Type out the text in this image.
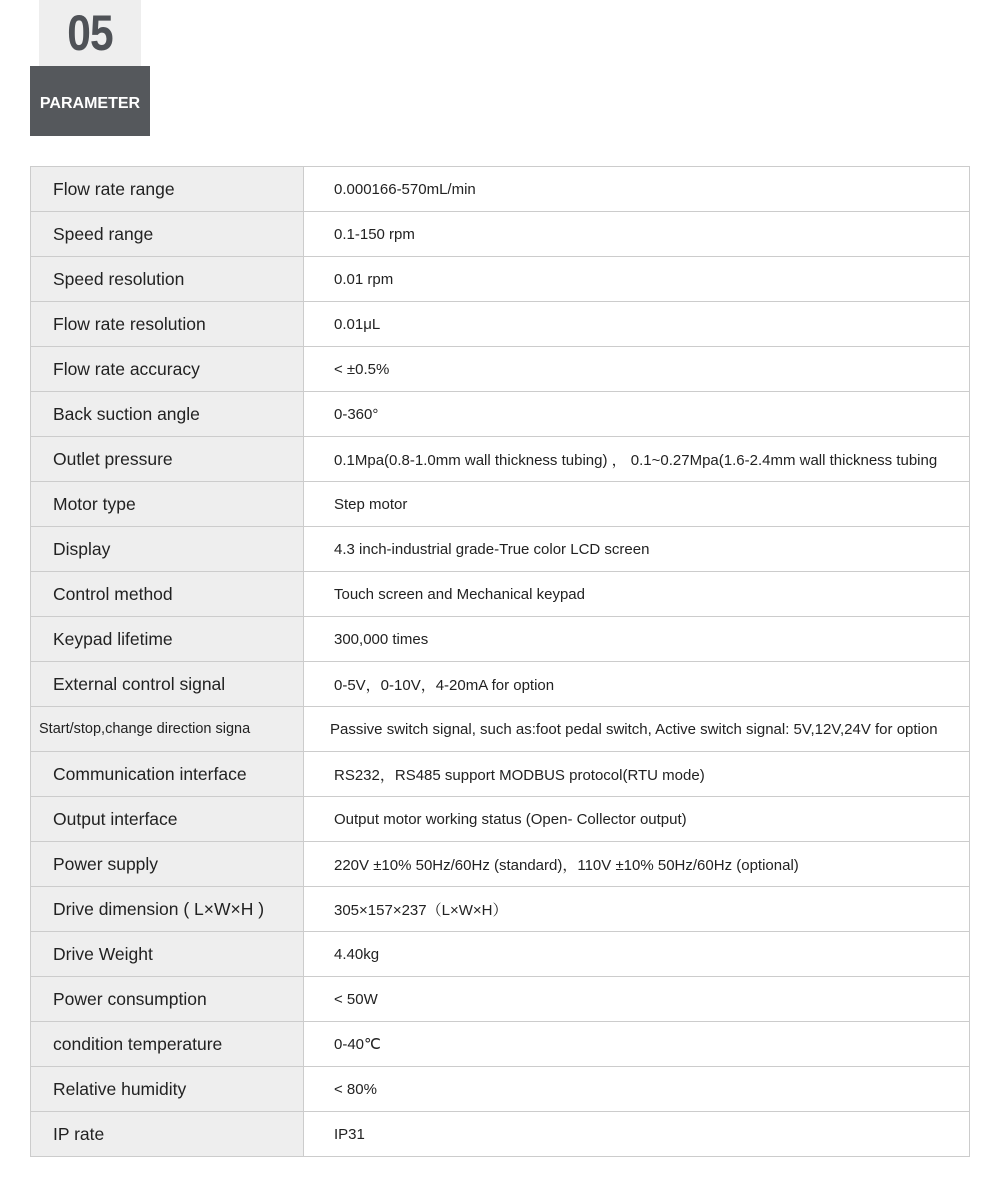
05
PARAMETER
Flow rate range	0.000166-570mL/min
Speed range	0.1-150 rpm
Speed resolution	0.01 rpm
Flow rate resolution	0.01μL
Flow rate accuracy	< ±0.5%
Back suction angle	0-360°
Outlet pressure	0.1Mpa(0.8-1.0mm wall thickness tubing) ， 0.1~0.27Mpa(1.6-2.4mm wall thickness tubing
Motor type	Step motor
Display	4.3 inch-industrial grade-True color LCD screen
Control method	Touch screen and Mechanical keypad
Keypad lifetime	300,000 times
External control signal	0-5V，0-10V，4-20mA for option
Start/stop,change direction signa	Passive switch signal, such as:foot pedal switch, Active switch signal: 5V,12V,24V for option
Communication interface	RS232，RS485 support MODBUS protocol(RTU mode)
Output interface	Output motor working status (Open- Collector output)
Power supply	220V ±10% 50Hz/60Hz (standard)，110V ±10% 50Hz/60Hz (optional)
Drive dimension ( L×W×H )	305×157×237（L×W×H）
Drive Weight	4.40kg
Power consumption	< 50W
condition temperature	0-40℃
Relative humidity	< 80%
IP rate	IP31
